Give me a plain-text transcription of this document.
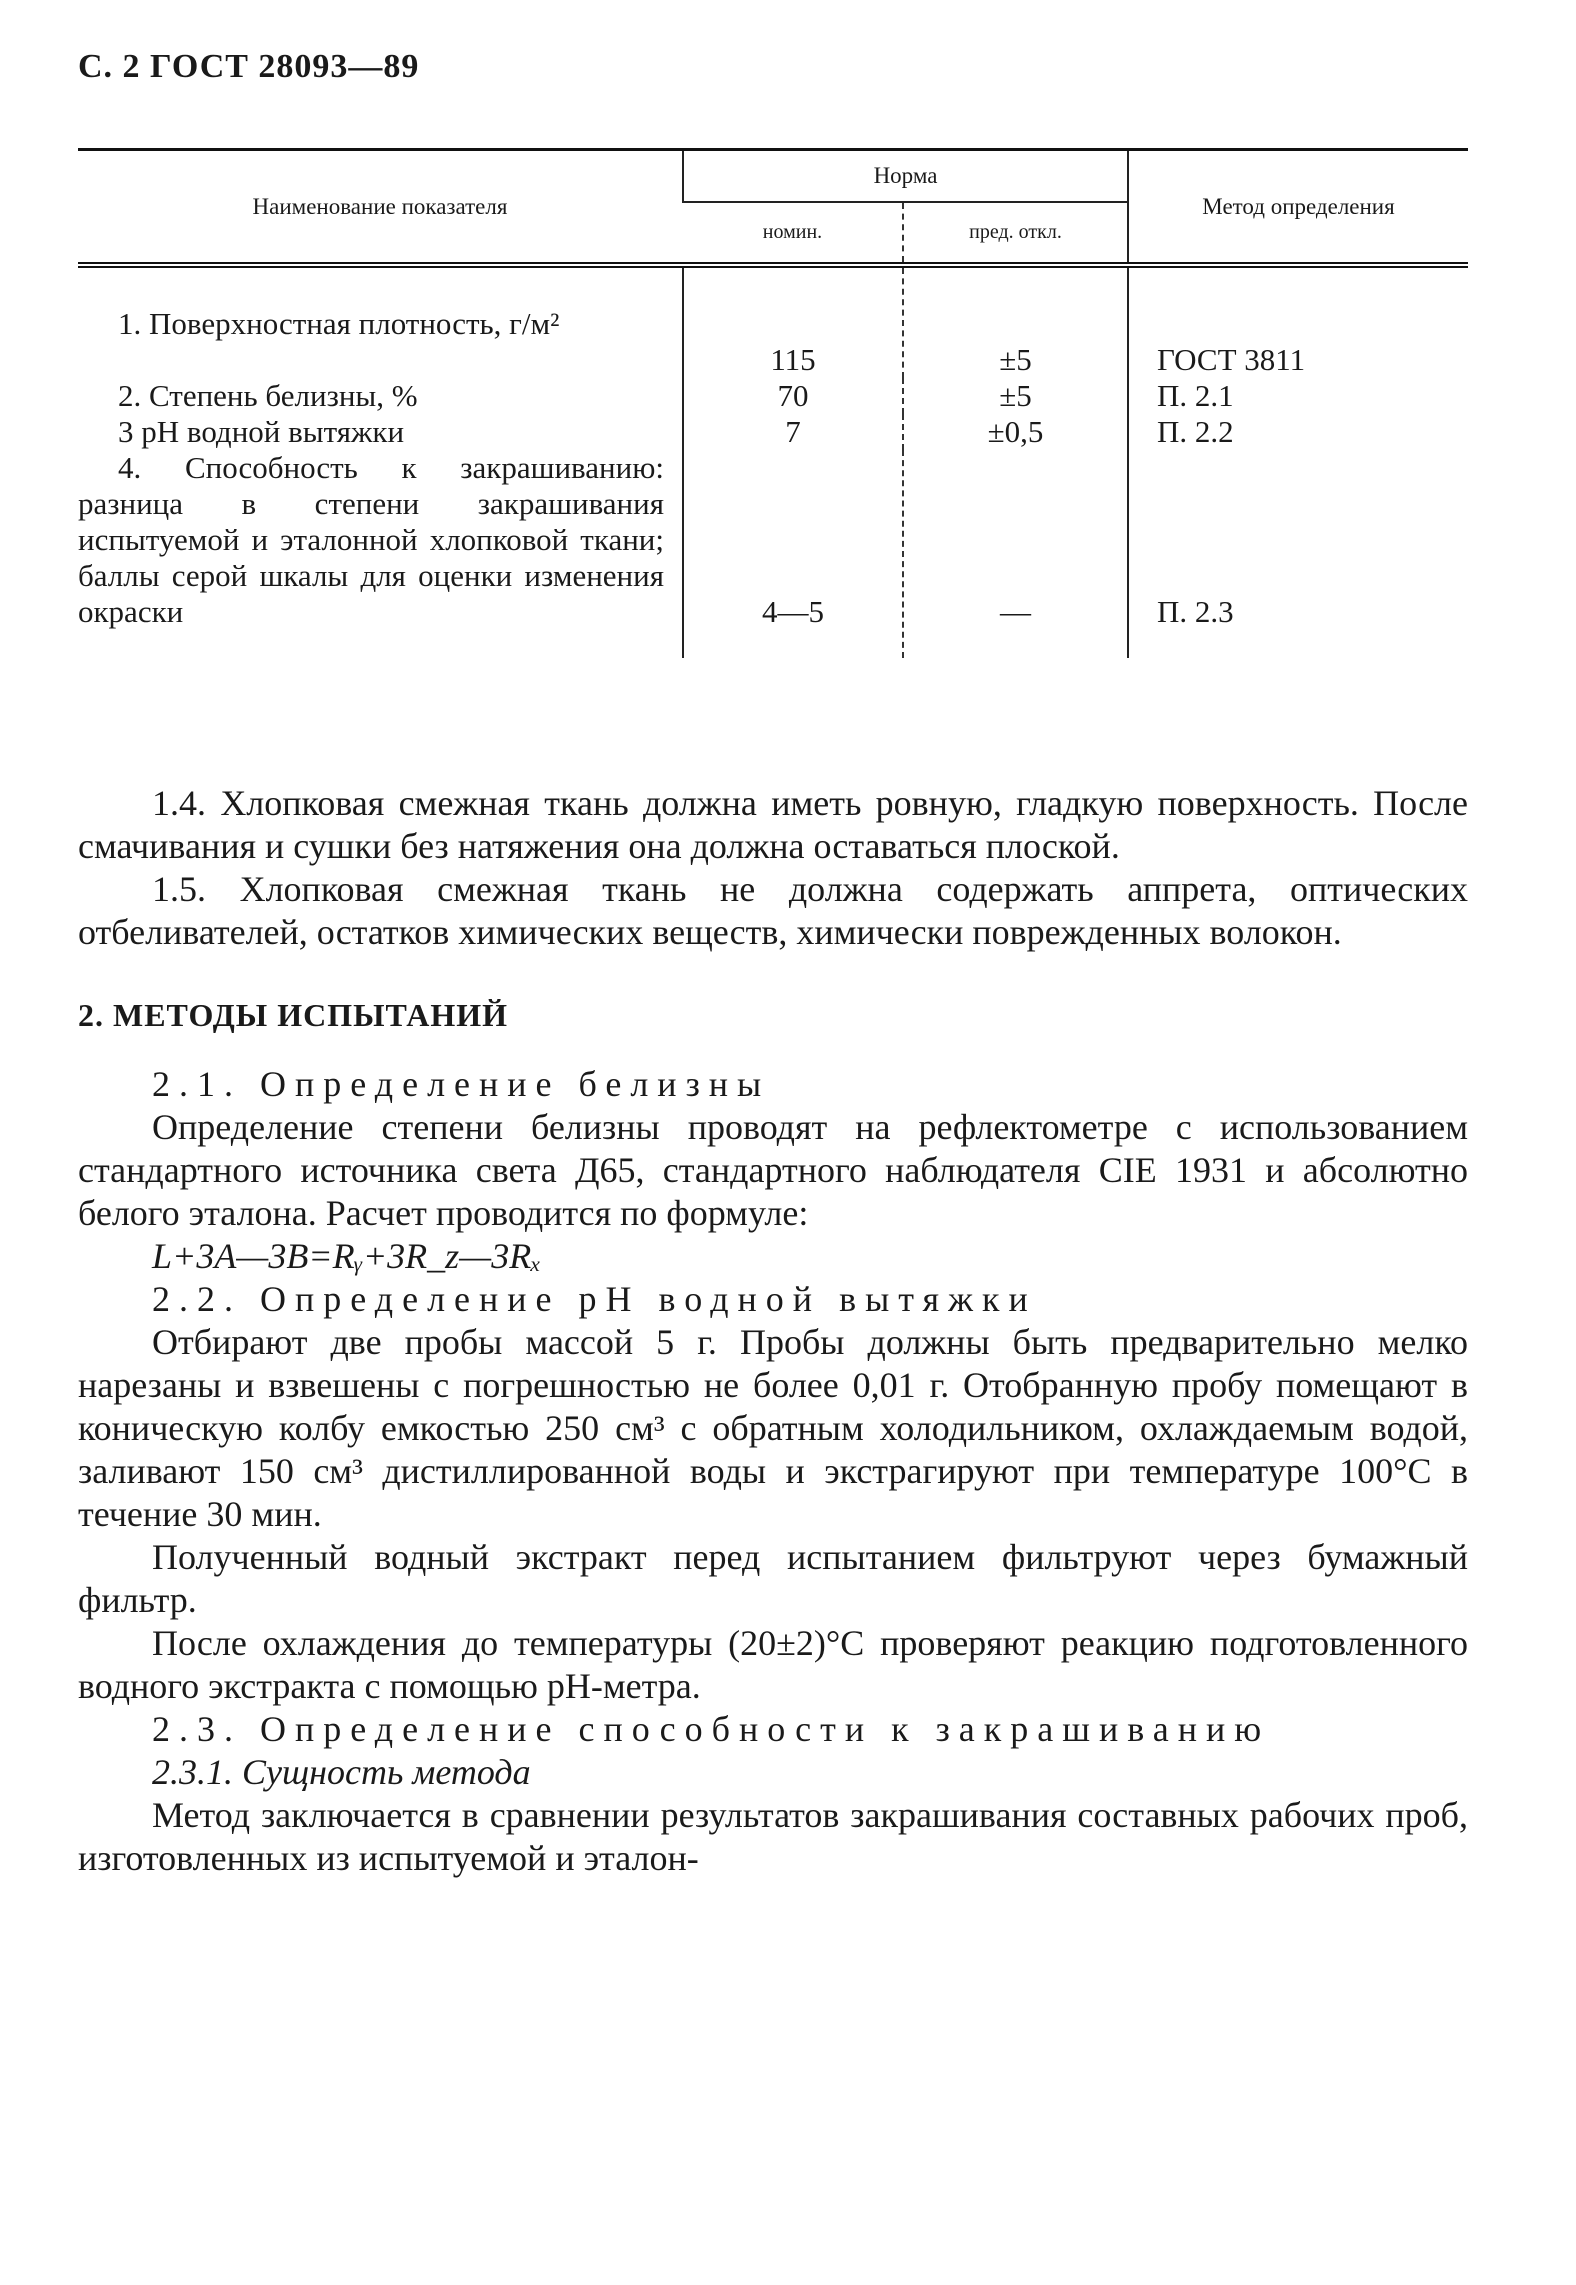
С. 2 ГОСТ 28093—89
Наименование показателя	Норма		Метод определения
	номин.	пред. откл.	
1. Поверхностная плотность, г/м²	115	±5	ГОСТ 3811
2. Степень белизны, %	70	±5	П. 2.1
3 рН водной вытяжки	7	±0,5	П. 2.2
4. Способность к закрашиванию: разница в степени закрашивания испытуемой и эталонной хлопковой ткани; баллы серой шкалы для оценки изменения окраски	4—5	—	П. 2.3

1.4. Хлопковая смежная ткань должна иметь ровную, гладкую поверхность. После смачивания и сушки без натяжения она должна оставаться плоской.

1.5. Хлопковая смежная ткань не должна содержать аппрета, оптических отбеливателей, остатков химических веществ, химически поврежденных волокон.

2. МЕТОДЫ ИСПЫТАНИЙ

2.1. Определение белизны

Определение степени белизны проводят на рефлектометре с использованием стандартного источника света Д65, стандартного наблюдателя CIE 1931 и абсолютно белого эталона. Расчет проводится по формуле:

L+3A—3B=Rᵧ+3R_z—3Rₓ

2.2. Определение рН водной вытяжки

Отбирают две пробы массой 5 г. Пробы должны быть предварительно мелко нарезаны и взвешены с погрешностью не более 0,01 г. Отобранную пробу помещают в коническую колбу емкостью 250 см³ с обратным холодильником, охлаждаемым водой, заливают 150 см³ дистиллированной воды и экстрагируют при температуре 100°С в течение 30 мин.

Полученный водный экстракт перед испытанием фильтруют через бумажный фильтр.

После охлаждения до температуры (20±2)°С проверяют реакцию подготовленного водного экстракта с помощью рН-метра.

2.3. Определение способности к закрашиванию

2.3.1. Сущность метода

Метод заключается в сравнении результатов закрашивания составных рабочих проб, изготовленных из испытуемой и эталон-
